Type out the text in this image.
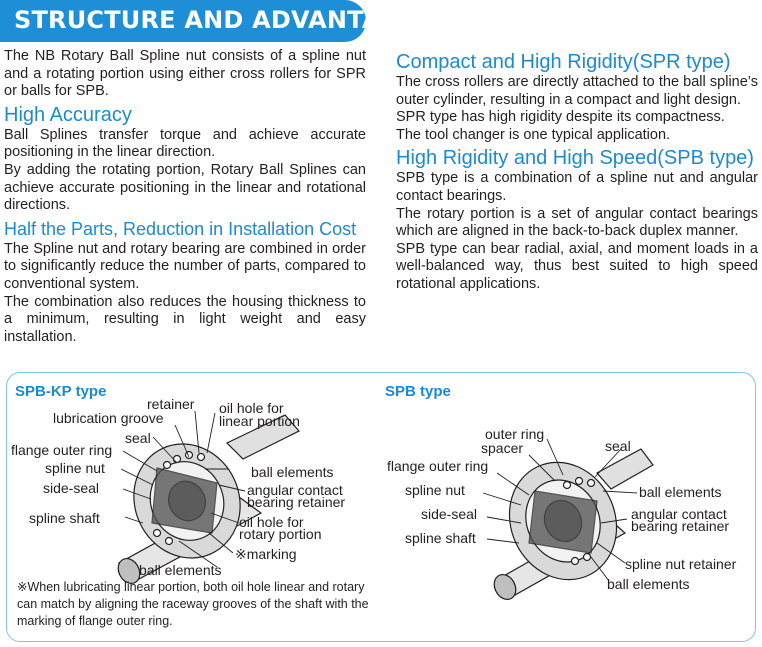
STRUCTURE AND ADVANTAGES

The NB Rotary Ball Spline nut consists of a spline nut and a rotating portion using either cross rollers for SPR or balls for SPB.

High Accuracy

Ball Splines transfer torque and achieve accurate positioning in the linear direction.

By adding the rotating portion, Rotary Ball Splines can achieve accurate positioning in the linear and rotational directions.

Half the Parts, Reduction in Installation Cost

The Spline nut and rotary bearing are combined in order to significantly reduce the number of parts, compared to conventional system.

The combination also reduces the housing thickness to a minimum, resulting in light weight and easy installation.

Compact and High Rigidity(SPR type)

The cross rollers are directly attached to the ball spline’s outer cylinder, resulting in a compact and light design.

SPR type has high rigidity despite its compactness.

The tool changer is one typical application.

High Rigidity and High Speed(SPB type)

SPB type is a combination of a spline nut and angular contact bearings.

The rotary portion is a set of angular contact bearings which are aligned in the back-to-back duplex manner.

SPB type can bear radial, axial, and moment loads in a well-balanced way, thus best suited to high speed rotational applications.

SPB-KP type
retainer oil hole for
linear portion
lubrication groove
seal
flange outer ring
spline nut	ball elements
side-seal	angular contact
bearing retainer
spline shaft	oil hole for
rotary portion
※marking
ball elements
※When lubricating linear portion, both oil hole linear and rotary can match by aligning the raceway grooves of the shaft with the marking of flange outer ring.
SPB type
outer ring
spacer	seal
flange outer ring
spline nut	ball elements
side-seal	angular contact
bearing retainer
spline shaft
spline nut retainer
ball elements
